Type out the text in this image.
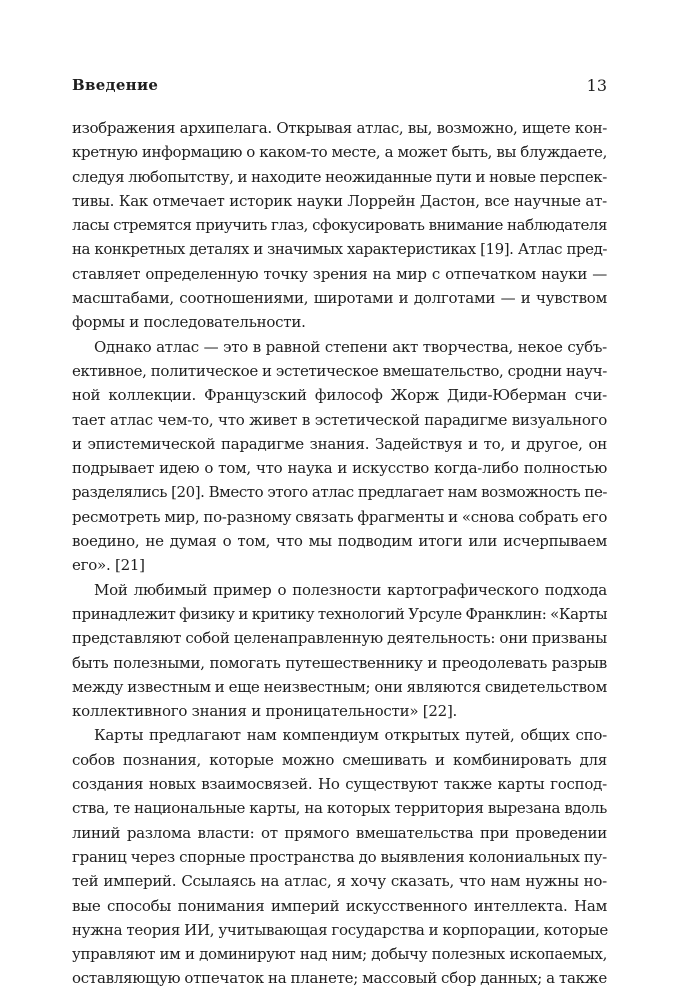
Введение	13
изображения архипелага. Открывая атлас, вы, возможно, ищете кон-
кретную информацию о каком-то месте, а может быть, вы блуждаете,
следуя любопытству, и находите неожиданные пути и новые перспек-
тивы. Как отмечает историк науки Лоррейн Дастон, все научные ат-
ласы стремятся приучить глаз, сфокусировать внимание наблюдателя
на конкретных деталях и значимых характеристиках [19]. Атлас пред-
ставляет определенную точку зрения на мир с отпечатком науки —
масштабами, соотношениями, широтами и долготами — и чувством
формы и последовательности.
Однако атлас — это в равной степени акт творчества, некое субъ-
ективное, политическое и эстетическое вмешательство, сродни науч-
ной коллекции. Французский философ Жорж Диди-Юберман счи-
тает атлас чем-то, что живет в эстетической парадигме визуального
и эпистемической парадигме знания. Задействуя и то, и другое, он
подрывает идею о том, что наука и искусство когда-либо полностью
разделялись [20]. Вместо этого атлас предлагает нам возможность пе-
ресмотреть мир, по-разному связать фрагменты и «снова собрать его
воедино, не думая о том, что мы подводим итоги или исчерпываем
его». [21]
Мой любимый пример о полезности картографического подхода
принадлежит физику и критику технологий Урсуле Франклин: «Карты
представляют собой целенаправленную деятельность: они призваны
быть полезными, помогать путешественнику и преодолевать разрыв
между известным и еще неизвестным; они являются свидетельством
коллективного знания и проницательности» [22].
Карты предлагают нам компендиум открытых путей, общих спо-
собов познания, которые можно смешивать и комбинировать для
создания новых взаимосвязей. Но существуют также карты господ-
ства, те национальные карты, на которых территория вырезана вдоль
линий разлома власти: от прямого вмешательства при проведении
границ через спорные пространства до выявления колониальных пу-
тей империй. Ссылаясь на атлас, я хочу сказать, что нам нужны но-
вые способы понимания империй искусственного интеллекта. Нам
нужна теория ИИ, учитывающая государства и корпорации, которые
управляют им и доминируют над ним; добычу полезных ископаемых,
оставляющую отпечаток на планете; массовый сбор данных; а также
